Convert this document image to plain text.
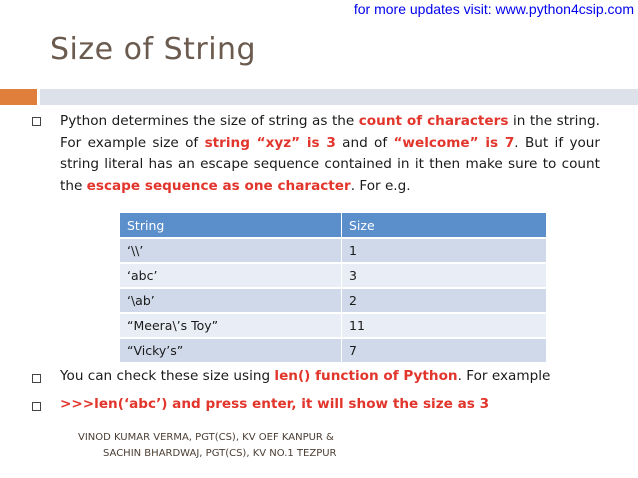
for more updates visit: www.python4csip.com
Size of String
Python determines the size of string as the count of characters in the string. For example size of string “xyz” is 3 and of “welcome” is 7. But if your string literal has an escape sequence contained in it then make sure to count the escape sequence as one character. For e.g.
String	Size
‘\\’	1
‘abc’	3
‘\ab’	2
“Meera\’s Toy”	11
“Vicky’s”	7
You can check these size using len() function of Python. For example
>>>len(‘abc’) and press enter, it will show the size as 3
VINOD KUMAR VERMA, PGT(CS), KV OEF KANPUR &
SACHIN BHARDWAJ, PGT(CS), KV NO.1 TEZPUR
